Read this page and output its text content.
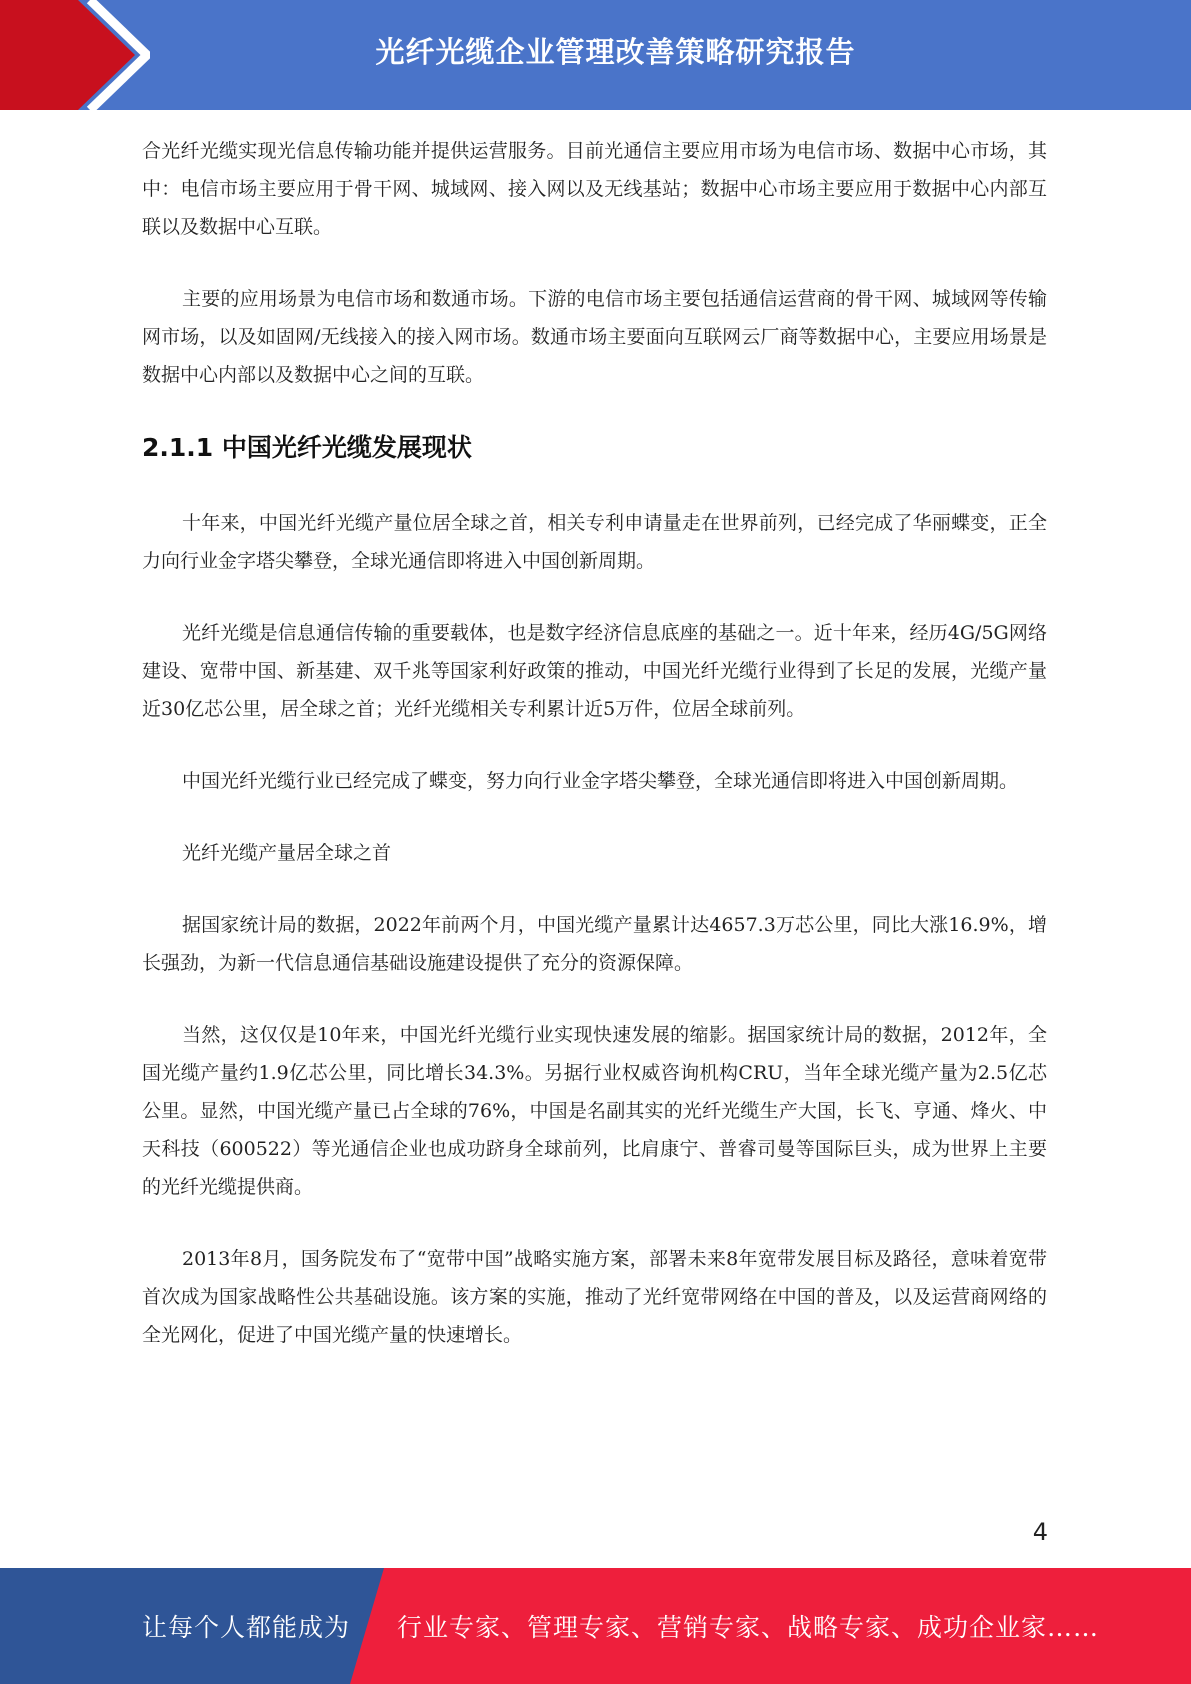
光纤光缆企业管理改善策略研究报告

合光纤光缆实现光信息传输功能并提供运营服务。目前光通信主要应用市场为电信市场、数据中心市场，其中：电信市场主要应用于骨干网、城域网、接入网以及无线基站；数据中心市场主要应用于数据中心内部互联以及数据中心互联。

主要的应用场景为电信市场和数通市场。下游的电信市场主要包括通信运营商的骨干网、城域网等传输网市场，以及如固网/无线接入的接入网市场。数通市场主要面向互联网云厂商等数据中心，主要应用场景是数据中心内部以及数据中心之间的互联。

2.1.1 中国光纤光缆发展现状

十年来，中国光纤光缆产量位居全球之首，相关专利申请量走在世界前列，已经完成了华丽蝶变，正全力向行业金字塔尖攀登，全球光通信即将进入中国创新周期。

光纤光缆是信息通信传输的重要载体，也是数字经济信息底座的基础之一。近十年来，经历4G/5G网络建设、宽带中国、新基建、双千兆等国家利好政策的推动，中国光纤光缆行业得到了长足的发展，光缆产量近30亿芯公里，居全球之首；光纤光缆相关专利累计近5万件，位居全球前列。

中国光纤光缆行业已经完成了蝶变，努力向行业金字塔尖攀登，全球光通信即将进入中国创新周期。

光纤光缆产量居全球之首

据国家统计局的数据，2022年前两个月，中国光缆产量累计达4657.3万芯公里，同比大涨16.9%，增长强劲，为新一代信息通信基础设施建设提供了充分的资源保障。

当然，这仅仅是10年来，中国光纤光缆行业实现快速发展的缩影。据国家统计局的数据，2012年，全国光缆产量约1.9亿芯公里，同比增长34.3%。另据行业权威咨询机构CRU，当年全球光缆产量为2.5亿芯公里。显然，中国光缆产量已占全球的76%，中国是名副其实的光纤光缆生产大国，长飞、亨通、烽火、中天科技（600522）等光通信企业也成功跻身全球前列，比肩康宁、普睿司曼等国际巨头，成为世界上主要的光纤光缆提供商。

2013年8月，国务院发布了“宽带中国”战略实施方案，部署未来8年宽带发展目标及路径，意味着宽带首次成为国家战略性公共基础设施。该方案的实施，推动了光纤宽带网络在中国的普及，以及运营商网络的全光网化，促进了中国光缆产量的快速增长。

4
让每个人都能成为 行业专家、管理专家、营销专家、战略专家、成功企业家……
